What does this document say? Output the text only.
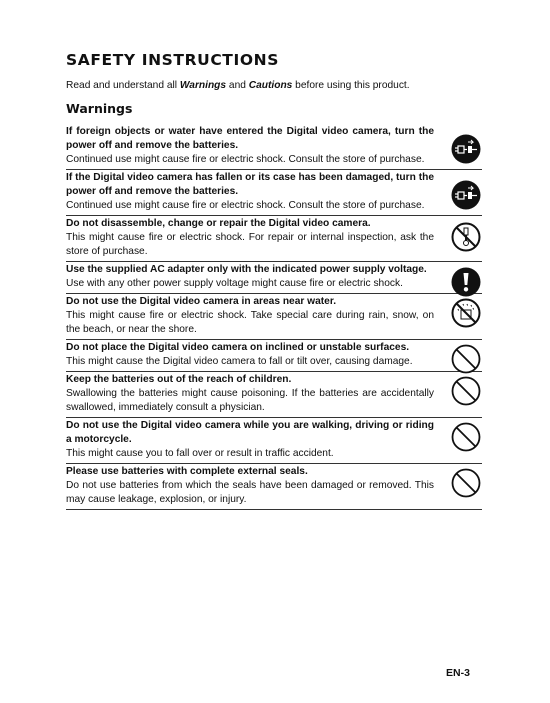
SAFETY INSTRUCTIONS

Read and understand all Warnings and Cautions before using this product.

Warnings
If foreign objects or water have entered the Digital video camera, turn the power off and remove the batteries.
Continued use might cause fire or electric shock. Consult the store of purchase.
If the Digital video camera has fallen or its case has been damaged, turn the power off and remove the batteries.
Continued use might cause fire or electric shock. Consult the store of purchase.
Do not disassemble, change or repair the Digital video camera.
This might cause fire or electric shock. For repair or internal inspection, ask the store of purchase.
Use the supplied AC adapter only with the indicated power supply voltage.
Use with any other power supply voltage might cause fire or electric shock.
Do not use the Digital video camera in areas near water.
This might cause fire or electric shock. Take special care during rain, snow, on the beach, or near the shore.
Do not place the Digital video camera on inclined or unstable surfaces.
This might cause the Digital video camera to fall or tilt over, causing damage.
Keep the batteries out of the reach of children.
Swallowing the batteries might cause poisoning. If the batteries are accidentally swallowed, immediately consult a physician.
Do not use the Digital video camera while you are walking, driving or riding a motorcycle.
This might cause you to fall over or result in traffic accident.
Please use batteries with complete external seals.
Do not use batteries from which the seals have been damaged or removed. This may cause leakage, explosion, or injury.

EN-3
